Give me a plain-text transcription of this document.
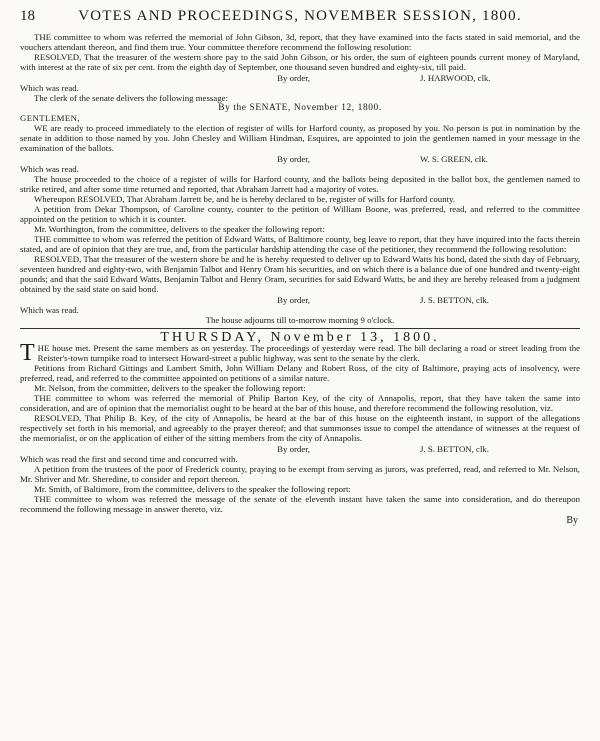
18	VOTES AND PROCEEDINGS, NOVEMBER SESSION, 1800.

THE committee to whom was referred the memorial of John Gibson, 3d, report, that they have examined into the facts stated in said memorial, and the vouchers attendant thereon, and find them true. Your committee therefore recommend the following resolution:

RESOLVED, That the treasurer of the western shore pay to the said John Gibson, or his order, the sum of eighteen pounds current money of Maryland, with interest at the rate of six per cent. from the eighth day of September, one thousand seven hundred and eighty-six, till paid.

By order,	J. HARWOOD, clk.

Which was read.

The clerk of the senate delivers the following message:

By the SENATE, November 12, 1800.

GENTLEMEN,

WE are ready to proceed immediately to the election of register of wills for Harford county, as proposed by you. No person is put in nomination by the senate in addition to those named by you. John Chesley and William Hindman, Esquires, are appointed to join the gentlemen named in your message in the examination of the ballots.

By order,	W. S. GREEN, clk.

Which was read.

The house proceeded to the choice of a register of wills for Harford county, and the ballots being deposited in the ballot box, the gentlemen named to strike retired, and after some time returned and reported, that Abraham Jarrett had a majority of votes.

Whereupon RESOLVED, That Abraham Jarrett be, and he is hereby declared to be, register of wills for Harford county.

A petition from Dekar Thompson, of Caroline county, counter to the petition of William Boone, was preferred, read, and referred to the committee appointed on the petition to which it is counter.

Mr. Worthington, from the committee, delivers to the speaker the following report:

THE committee to whom was referred the petition of Edward Watts, of Baltimore county, beg leave to report, that they have inquired into the facts therein stated, and are of opinion that they are true, and, from the particular hardship attending the case of the petitioner, they recommend the following resolution:

RESOLVED, That the treasurer of the western shore be and he is hereby requested to deliver up to Edward Watts his bond, dated the sixth day of February, seventeen hundred and eighty-two, with Benjamin Talbot and Henry Oram his securities, and on which there is a balance due of one hundred and twenty-eight pounds; and that the said Edward Watts, Benjamin Talbot and Henry Oram, securities for said Edward Watts, be and they are hereby released from a judgment obtained by the said state on said bond.

By order,	J. S. BETTON, clk.

Which was read.

The house adjourns till to-morrow morning 9 o'clock.

THURSDAY, November 13, 1800.

THE house met. Present the same members as on yesterday. The proceedings of yesterday were read. The bill declaring a road or street leading from the Reister's-town turnpike road to intersect Howard-street a public highway, was sent to the senate by the clerk.

Petitions from Richard Gittings and Lambert Smith, John William Delany and Robert Ross, of the city of Baltimore, praying acts of insolvency, were preferred, read, and referred to the committee appointed on petitions of a similar nature.

Mr. Nelson, from the committee, delivers to the speaker the following report:

THE committee to whom was referred the memorial of Philip Barton Key, of the city of Annapolis, report, that they have taken the same into consideration, and are of opinion that the memorialist ought to be heard at the bar of this house, and therefore recommend the following resolution, viz.

RESOLVED, That Philip B. Key, of the city of Annapolis, be heard at the bar of this house on the eighteenth instant, in support of the allegations respectively set forth in his memorial, and agreeably to the prayer thereof; and that summonses issue to compel the attendance of witnesses at the request of the memorialist, or on the application of either of the sitting members from the city of Annapolis.

By order,	J. S. BETTON, clk.

Which was read the first and second time and concurred with.

A petition from the trustees of the poor of Frederick county, praying to be exempt from serving as jurors, was preferred, read, and referred to Mr. Nelson, Mr. Shriver and Mr. Sheredine, to consider and report thereon.

Mr. Smith, of Baltimore, from the committee, delivers to the speaker the following report:

THE committee to whom was referred the message of the senate of the eleventh instant have taken the same into consideration, and do thereupon recommend the following message in answer thereto, viz.

By
